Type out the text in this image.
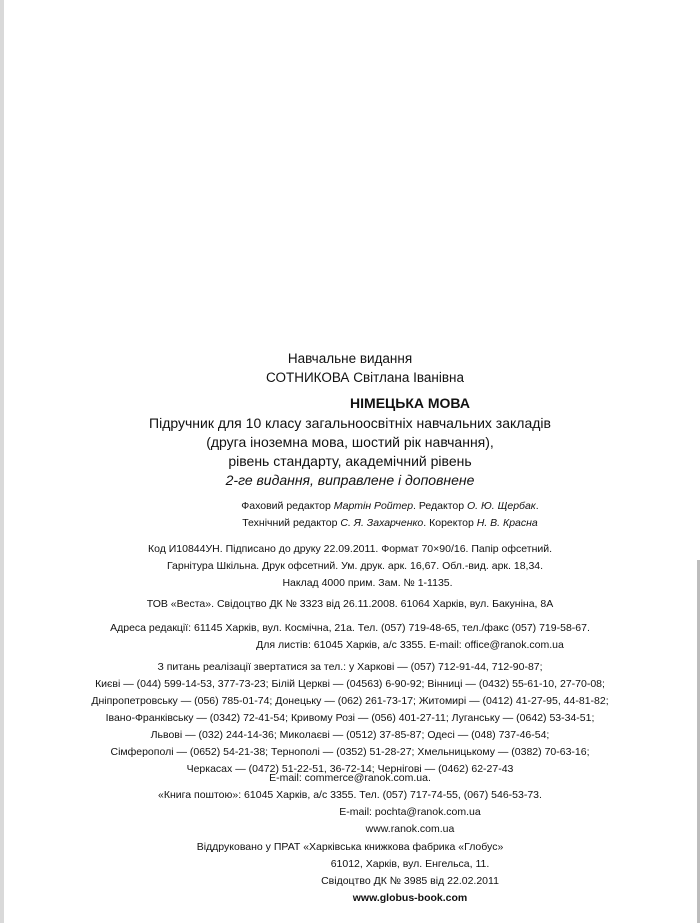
Навчальне видання
СОТНИКОВА Світлана Іванівна
НІМЕЦЬКА МОВА
Підручник для 10 класу загальноосвітніх навчальних закладів
(друга іноземна мова, шостий рік навчання),
рівень стандарту, академічний рівень
2-ге видання, виправлене і доповнене
Фаховий редактор Мартін Ройтер. Редактор О. Ю. Щербак.
Технічний редактор С. Я. Захарченко. Коректор Н. В. Красна
Код И10844УН. Підписано до друку 22.09.2011. Формат 70×90/16. Папір офсетний.
Гарнітура Шкільна. Друк офсетний. Ум. друк. арк. 16,67. Обл.-вид. арк. 18,34.
Наклад 4000 прим. Зам. № 1-1135.
ТОВ «Веста». Свідоцтво ДК № 3323 від 26.11.2008. 61064 Харків, вул. Бакуніна, 8А
Адреса редакції: 61145 Харків, вул. Космічна, 21а. Тел. (057) 719-48-65, тел./факс (057) 719-58-67.
Для листів: 61045 Харків, а/с 3355. E-mail: office@ranok.com.ua
З питань реалізації звертатися за тел.: у Харкові — (057) 712-91-44, 712-90-87;
Києві — (044) 599-14-53, 377-73-23; Білій Церкві — (04563) 6-90-92; Вінниці — (0432) 55-61-10, 27-70-08;
Дніпропетровську — (056) 785-01-74; Донецьку — (062) 261-73-17; Житомирі — (0412) 41-27-95, 44-81-82;
Івано-Франківську — (0342) 72-41-54; Кривому Розі — (056) 401-27-11; Луганську — (0642) 53-34-51;
Львові — (032) 244-14-36; Миколаєві — (0512) 37-85-87; Одесі — (048) 737-46-54;
Сімферополі — (0652) 54-21-38; Тернополі — (0352) 51-28-27; Хмельницькому — (0382) 70-63-16;
Черкасах — (0472) 51-22-51, 36-72-14; Чернігові — (0462) 62-27-43
E-mail: commerce@ranok.com.ua.
«Книга поштою»: 61045 Харків, а/с 3355. Тел. (057) 717-74-55, (067) 546-53-73.
E-mail: pochta@ranok.com.ua
www.ranok.com.ua
Віддруковано у ПРАТ «Харківська книжкова фабрика «Глобус»
61012, Харків, вул. Енгельса, 11.
Свідоцтво ДК № 3985 від 22.02.2011
www.globus-book.com
